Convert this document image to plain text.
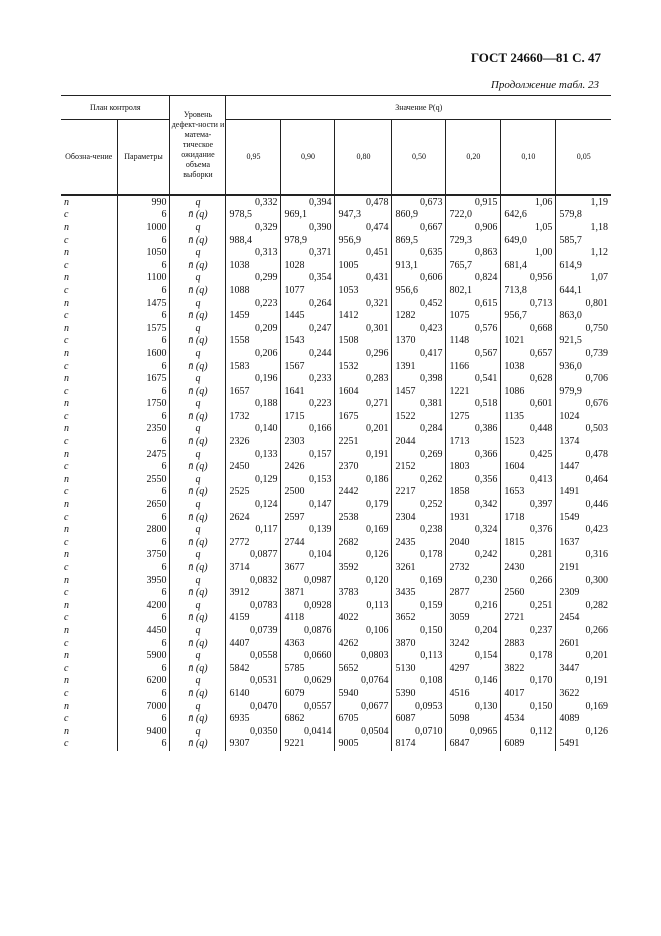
ГОСТ 24660—81 С. 47
Продолжение табл. 23
План контроля		Уровень дефект-ности и матема-тическое ожидание объема выборки	Значение P(q)						
Обозна-чение	Параметры		0,95	0,90	0,80	0,50	0,20	0,10	0,05
n	990	q	0,332	0,394	0,478	0,673	0,915	1,06	1,19
c	6	n̄ (q)	978,5	969,1	947,3	860,9	722,0	642,6	579,8
n	1000	q	0,329	0,390	0,474	0,667	0,906	1,05	1,18
c	6	n̄ (q)	988,4	978,9	956,9	869,5	729,3	649,0	585,7
n	1050	q	0,313	0,371	0,451	0,635	0,863	1,00	1,12
c	6	n̄ (q)	1038	1028	1005	913,1	765,7	681,4	614,9
n	1100	q	0,299	0,354	0,431	0,606	0,824	0,956	1,07
c	6	n̄ (q)	1088	1077	1053	956,6	802,1	713,8	644,1
n	1475	q	0,223	0,264	0,321	0,452	0,615	0,713	0,801
c	6	n̄ (q)	1459	1445	1412	1282	1075	956,7	863,0
n	1575	q	0,209	0,247	0,301	0,423	0,576	0,668	0,750
c	6	n̄ (q)	1558	1543	1508	1370	1148	1021	921,5
n	1600	q	0,206	0,244	0,296	0,417	0,567	0,657	0,739
c	6	n̄ (q)	1583	1567	1532	1391	1166	1038	936,0
n	1675	q	0,196	0,233	0,283	0,398	0,541	0,628	0,706
c	6	n̄ (q)	1657	1641	1604	1457	1221	1086	979,9
n	1750	q	0,188	0,223	0,271	0,381	0,518	0,601	0,676
c	6	n̄ (q)	1732	1715	1675	1522	1275	1135	1024
n	2350	q	0,140	0,166	0,201	0,284	0,386	0,448	0,503
c	6	n̄ (q)	2326	2303	2251	2044	1713	1523	1374
n	2475	q	0,133	0,157	0,191	0,269	0,366	0,425	0,478
c	6	n̄ (q)	2450	2426	2370	2152	1803	1604	1447
n	2550	q	0,129	0,153	0,186	0,262	0,356	0,413	0,464
c	6	n̄ (q)	2525	2500	2442	2217	1858	1653	1491
n	2650	q	0,124	0,147	0,179	0,252	0,342	0,397	0,446
c	6	n̄ (q)	2624	2597	2538	2304	1931	1718	1549
n	2800	q	0,117	0,139	0,169	0,238	0,324	0,376	0,423
c	6	n̄ (q)	2772	2744	2682	2435	2040	1815	1637
n	3750	q	0,0877	0,104	0,126	0,178	0,242	0,281	0,316
c	6	n̄ (q)	3714	3677	3592	3261	2732	2430	2191
n	3950	q	0,0832	0,0987	0,120	0,169	0,230	0,266	0,300
c	6	n̄ (q)	3912	3871	3783	3435	2877	2560	2309
n	4200	q	0,0783	0,0928	0,113	0,159	0,216	0,251	0,282
c	6	n̄ (q)	4159	4118	4022	3652	3059	2721	2454
n	4450	q	0,0739	0,0876	0,106	0,150	0,204	0,237	0,266
c	6	n̄ (q)	4407	4363	4262	3870	3242	2883	2601
n	5900	q	0,0558	0,0660	0,0803	0,113	0,154	0,178	0,201
c	6	n̄ (q)	5842	5785	5652	5130	4297	3822	3447
n	6200	q	0,0531	0,0629	0,0764	0,108	0,146	0,170	0,191
c	6	n̄ (q)	6140	6079	5940	5390	4516	4017	3622
n	7000	q	0,0470	0,0557	0,0677	0,0953	0,130	0,150	0,169
c	6	n̄ (q)	6935	6862	6705	6087	5098	4534	4089
n	9400	q	0,0350	0,0414	0,0504	0,0710	0,0965	0,112	0,126
c	6	n̄ (q)	9307	9221	9005	8174	6847	6089	5491
